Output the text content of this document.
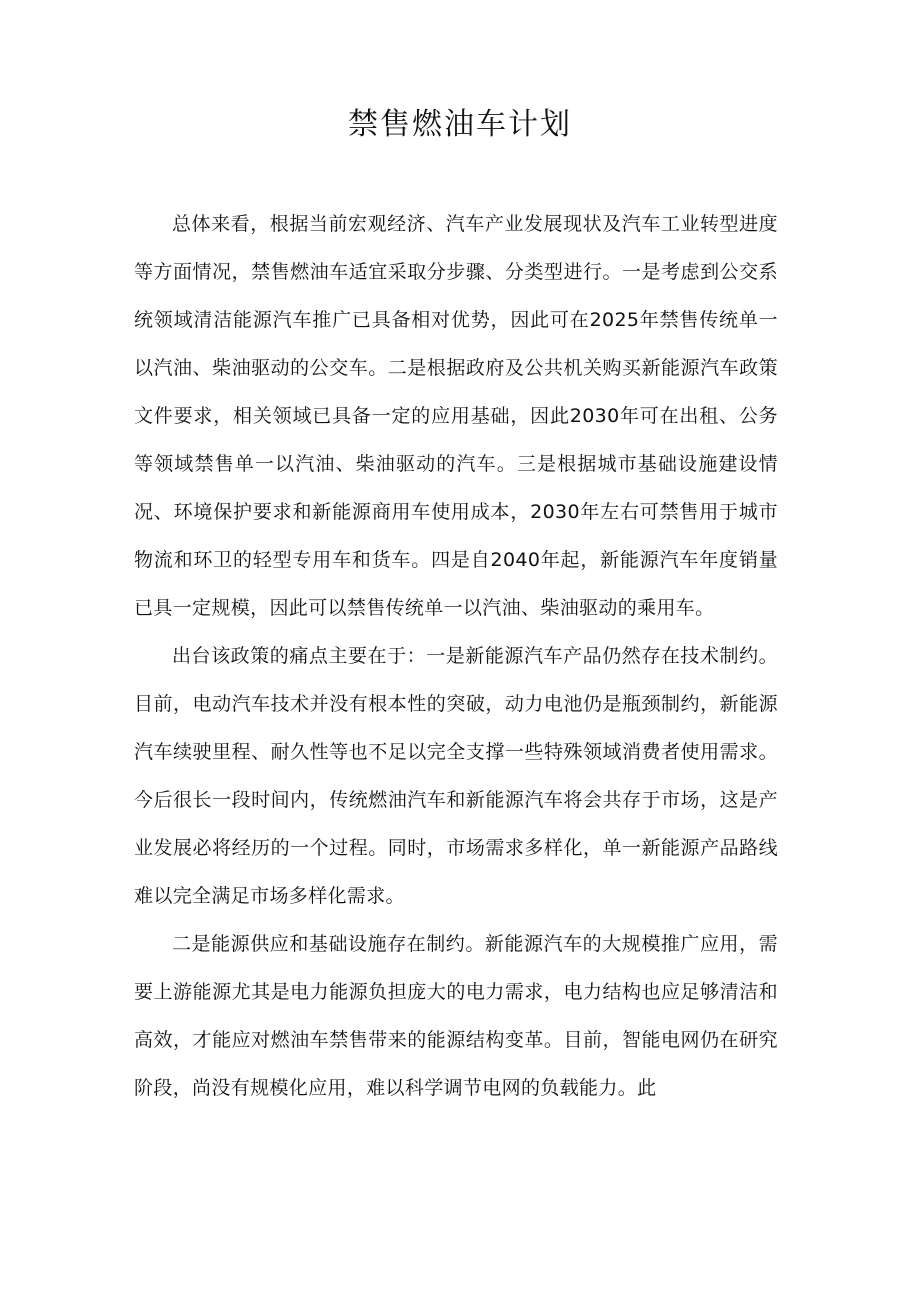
禁售燃油车计划

总体来看，根据当前宏观经济、汽车产业发展现状及汽车工业转型进度等方面情况，禁售燃油车适宜采取分步骤、分类型进行。一是考虑到公交系统领域清洁能源汽车推广已具备相对优势，因此可在2025年禁售传统单一以汽油、柴油驱动的公交车。二是根据政府及公共机关购买新能源汽车政策文件要求，相关领域已具备一定的应用基础，因此2030年可在出租、公务等领域禁售单一以汽油、柴油驱动的汽车。三是根据城市基础设施建设情况、环境保护要求和新能源商用车使用成本，2030年左右可禁售用于城市物流和环卫的轻型专用车和货车。四是自2040年起，新能源汽车年度销量已具一定规模，因此可以禁售传统单一以汽油、柴油驱动的乘用车。

出台该政策的痛点主要在于：一是新能源汽车产品仍然存在技术制约。目前，电动汽车技术并没有根本性的突破，动力电池仍是瓶颈制约，新能源汽车续驶里程、耐久性等也不足以完全支撑一些特殊领域消费者使用需求。今后很长一段时间内，传统燃油汽车和新能源汽车将会共存于市场，这是产业发展必将经历的一个过程。同时，市场需求多样化，单一新能源产品路线难以完全满足市场多样化需求。

二是能源供应和基础设施存在制约。新能源汽车的大规模推广应用，需要上游能源尤其是电力能源负担庞大的电力需求，电力结构也应足够清洁和高效，才能应对燃油车禁售带来的能源结构变革。目前，智能电网仍在研究阶段，尚没有规模化应用，难以科学调节电网的负载能力。此
